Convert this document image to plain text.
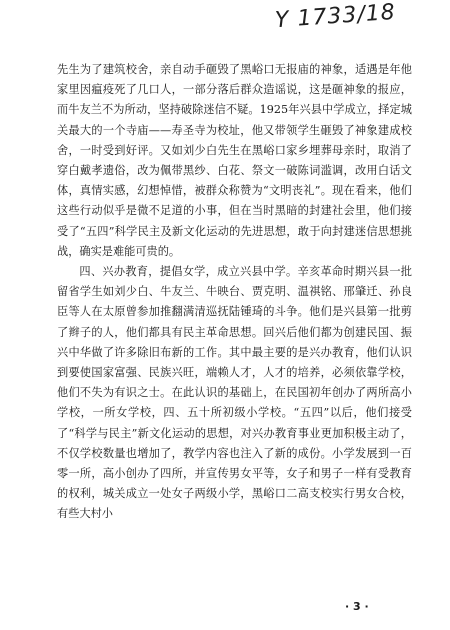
Y 1733/18

先生为了建筑校舍，亲自动手砸毁了黑峪口无报庙的神象，适遇是年他家里因瘟疫死了几口人，一部分落后群众造谣说，这是砸神象的报应，而牛友兰不为所动，坚持破除迷信不疑。1925年兴县中学成立，择定城关最大的一个寺庙——寿圣寺为校址，他又带领学生砸毁了神象建成校舍，一时受到好评。又如刘少白先生在黑峪口家乡埋葬母亲时，取消了穿白戴孝遗俗，改为佩带黑纱、白花、祭文一破陈词滥调，改用白话文体，真情实感，幻想悼惜，被群众称赞为“文明丧礼”。现在看来，他们这些行动似乎是微不足道的小事，但在当时黑暗的封建社会里，他们接受了“五四”科学民主及新文化运动的先进思想，敢于向封建迷信思想挑战，确实是难能可贵的。

四、兴办教育，提倡女学，成立兴县中学。辛亥革命时期兴县一批留省学生如刘少白、牛友兰、牛映台、贾克明、温祺铭、邢肇迁、孙良臣等人在太原曾参加推翻满清巡抚陆锺琦的斗争。他们是兴县第一批剪了辫子的人，他们都具有民主革命思想。回兴后他们都为创建民国、振兴中华做了许多除旧布新的工作。其中最主要的是兴办教育，他们认识到要使国家富强、民族兴旺，端赖人才，人才的培养，必须依靠学校，他们不失为有识之士。在此认识的基础上，在民国初年创办了两所高小学校，一所女学校，四、五十所初级小学校。“五四”以后，他们接受了“科学与民主”新文化运动的思想，对兴办教育事业更加积极主动了，不仅学校数量也增加了，教学内容也注入了新的成份。小学发展到一百零一所，高小创办了四所，并宣传男女平等，女子和男子一样有受教育的权利，城关成立一处女子两级小学，黑峪口二高支校实行男女合校，有些大村小

· 3 ·
